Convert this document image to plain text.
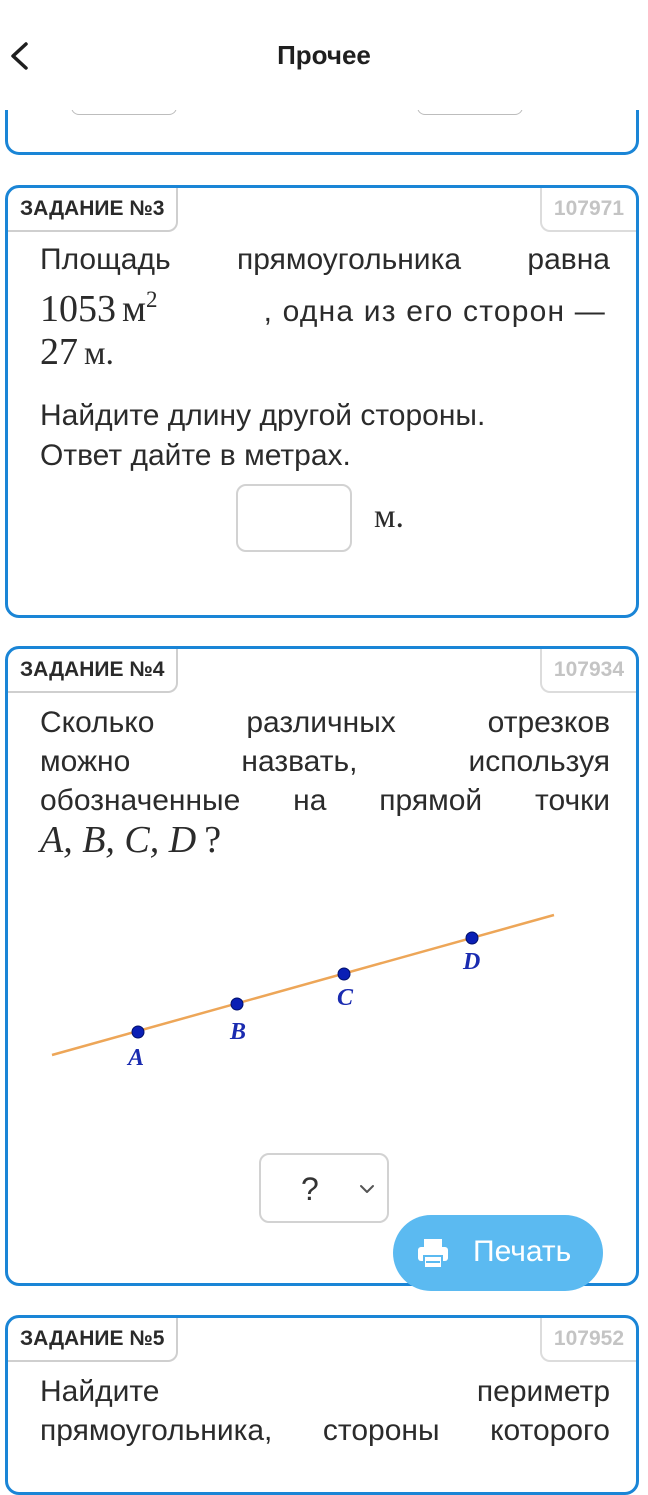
Прочее
ЗАДАНИЕ №3	107971
Площадь прямоугольника равна
1053 $м^2$	, одна из его сторон —
27 м.
Найдите длину другой стороны.
Ответ дайте в метрах.
м.
ЗАДАНИЕ №4	107934
Сколько различных отрезков
можно назвать, используя
обозначенные на прямой точки
A, B, C, D ?
A
B
C
D
?
Печать
ЗАДАНИЕ №5	107952
Найдите периметр
прямоугольника, стороны которого
